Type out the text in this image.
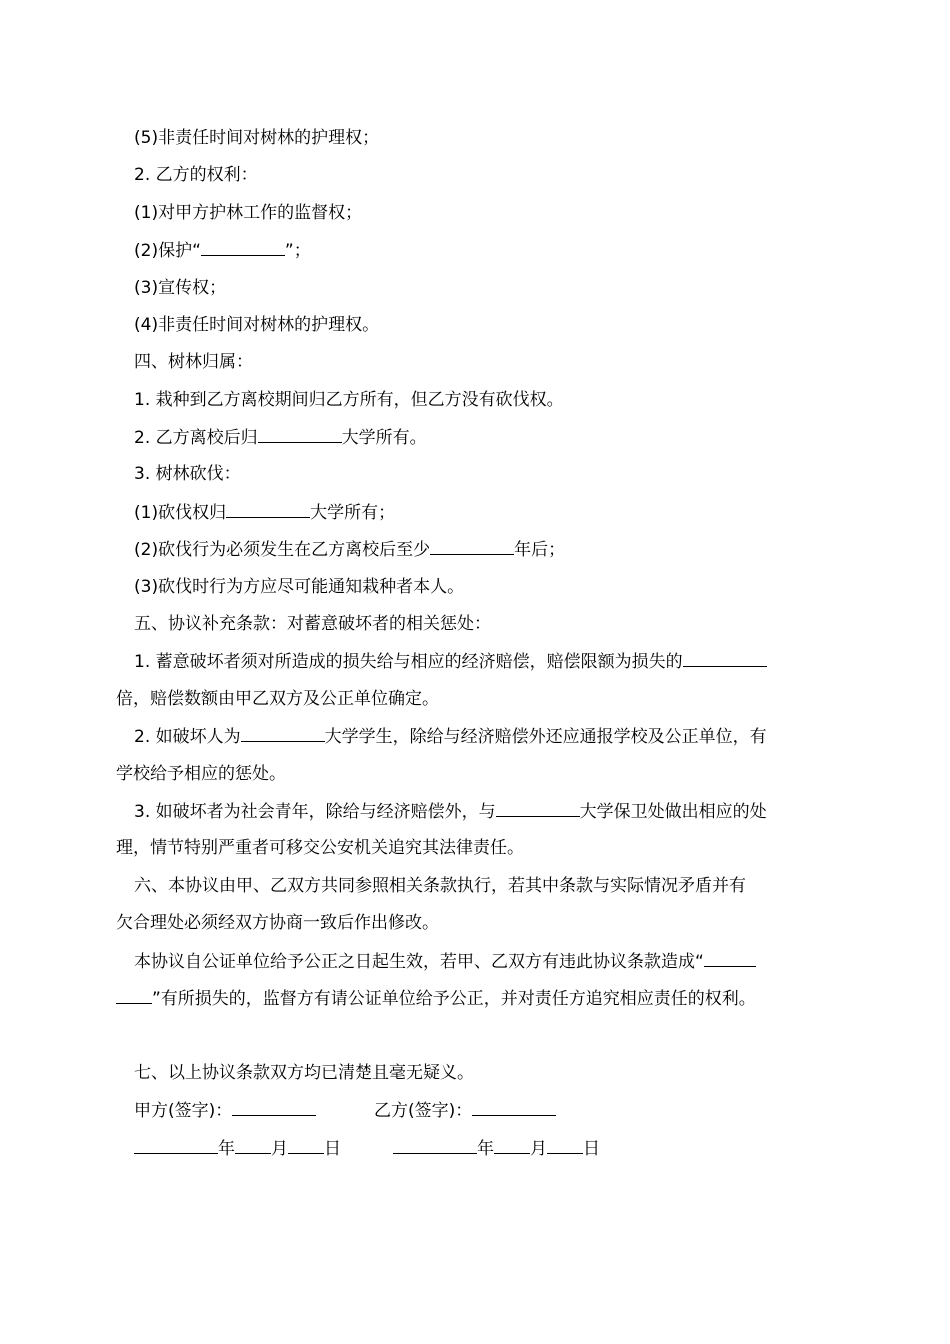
(5)非责任时间对树林的护理权；
2. 乙方的权利：
(1)对甲方护林工作的监督权；
(2)保护“	”；
(3)宣传权；
(4)非责任时间对树林的护理权。
四、树林归属：
1. 栽种到乙方离校期间归乙方所有，但乙方没有砍伐权。
2. 乙方离校后归	大学所有。
3. 树林砍伐：
(1)砍伐权归	大学所有；
(2)砍伐行为必须发生在乙方离校后至少	年后；
(3)砍伐时行为方应尽可能通知栽种者本人。
五、协议补充条款：对蓄意破坏者的相关惩处：
1. 蓄意破坏者须对所造成的损失给与相应的经济赔偿，赔偿限额为损失的
倍，赔偿数额由甲乙双方及公正单位确定。
2. 如破坏人为	大学学生，除给与经济赔偿外还应通报学校及公正单位，有
学校给予相应的惩处。
3. 如破坏者为社会青年，除给与经济赔偿外，与	大学保卫处做出相应的处
理，情节特别严重者可移交公安机关追究其法律责任。
六、本协议由甲、乙双方共同参照相关条款执行，若其中条款与实际情况矛盾并有
欠合理处必须经双方协商一致后作出修改。
本协议自公证单位给予公正之日起生效，若甲、乙双方有违此协议条款造成“
”有所损失的，监督方有请公证单位给予公正，并对责任方追究相应责任的权利。
七、以上协议条款双方均已清楚且毫无疑义。
甲方(签字)：	乙方(签字)：
年 月 日	年 月 日
